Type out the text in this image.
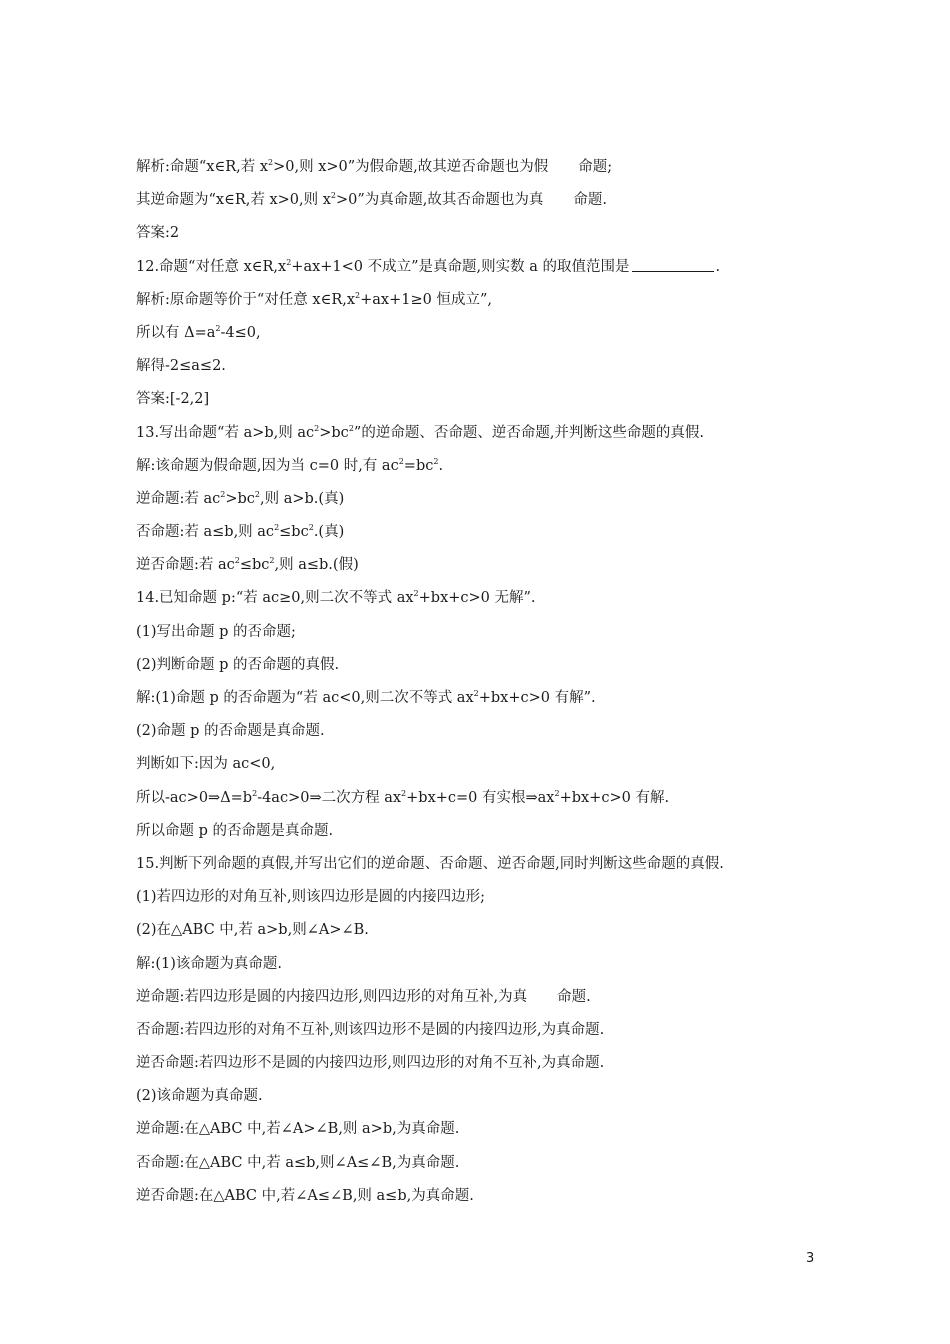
解析:命题“x∈R,若 $x^2>0$,则 x>0”为假命题,故其逆否命题也为假 命题;
其逆命题为“x∈R,若 x>0,则 $x^2>0$”为真命题,故其否命题也为真 命题.
答案:2
12.命题“对任意 $x\in R,x^2+ax+1<0$ 不成立”是真命题,则实数 a 的取值范围是	.
解析:原命题等价于“对任意 $x\in R,x^2+ax+1\ge 0$ 恒成立”,
所以有 $\Delta=a^2-4\le 0$,
解得-2≤a≤2.
答案:[-2,2]
13.写出命题“若 a>b,则 $ac^2>bc^2$”的逆命题、否命题、逆否命题,并判断这些命题的真假.
解:该命题为假命题,因为当 c=0 时,有 $ac^2=bc^2$.
逆命题:若 $ac^2>bc^2$,则 a>b.(真)
否命题:若 a≤b,则 $ac^2\le bc^2$.(真)
逆否命题:若 $ac^2\le bc^2$,则 a≤b.(假)
14.已知命题 p:“若 ac≥0,则二次不等式 $ax^2+bx+c>0$ 无解”.
(1)写出命题 p 的否命题;
(2)判断命题 p 的否命题的真假.
解:(1)命题 p 的否命题为“若 ac<0,则二次不等式 $ax^2+bx+c>0$ 有解”.
(2)命题 p 的否命题是真命题.
判断如下:因为 ac<0,
所以$-ac>0\Rightarrow\Delta=b^2-4ac>0\Rightarrow$二次方程 $ax^2+bx+c=0$ 有实根$\Rightarrow ax^2+bx+c>0$ 有解.
所以命题 p 的否命题是真命题.
15.判断下列命题的真假,并写出它们的逆命题、否命题、逆否命题,同时判断这些命题的真假.
(1)若四边形的对角互补,则该四边形是圆的内接四边形;
(2)在△ABC 中,若 a>b,则∠A>∠B.
解:(1)该命题为真命题.
逆命题:若四边形是圆的内接四边形,则四边形的对角互补,为真 命题.
否命题:若四边形的对角不互补,则该四边形不是圆的内接四边形,为真命题.
逆否命题:若四边形不是圆的内接四边形,则四边形的对角不互补,为真命题.
(2)该命题为真命题.
逆命题:在△ABC 中,若∠A>∠B,则 a>b,为真命题.
否命题:在△ABC 中,若 a≤b,则∠A≤∠B,为真命题.
逆否命题:在△ABC 中,若∠A≤∠B,则 a≤b,为真命题.
3
